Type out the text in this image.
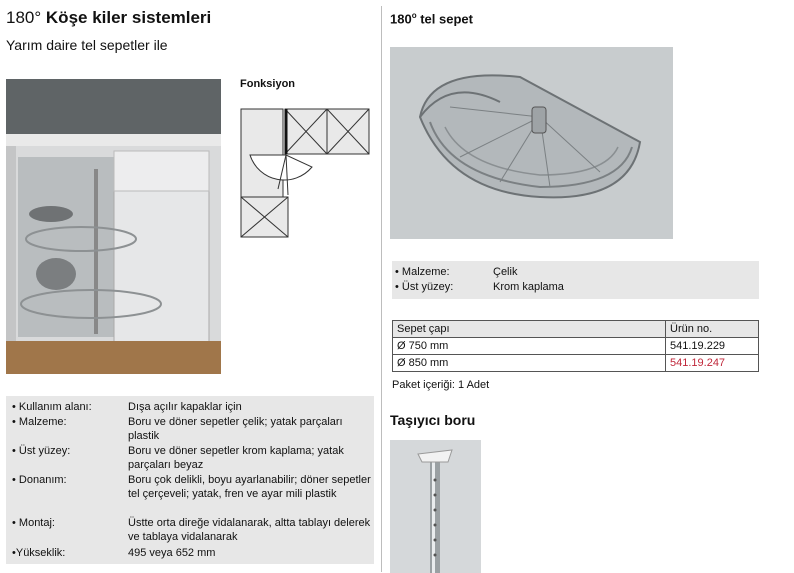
180° Köşe kiler sistemleri
Yarım daire tel sepetler ile
Fonksiyon
• Kullanım alanı:	Dışa açılır kapaklar için
• Malzeme:	Boru ve döner sepetler çelik; yatak parçaları plastik
• Üst yüzey:	Boru ve döner sepetler krom kaplama; yatak parçaları beyaz
• Donanım:	Boru çok delikli, boyu ayarlanabilir; döner sepetler tel çerçeveli; yatak, fren ve ayar mili plastik
• Montaj:	Üstte orta direğe vidalanarak, altta tablayı delerek ve tablaya vidalanarak
•Yükseklik:	495 veya 652 mm
180$^o$ tel sepet
• Malzeme:	Çelik
• Üst yüzey:	Krom kaplama
Sepet çapı	Ürün no.
Ø 750 mm	541.19.229
Ø 850 mm	541.19.247
Paket içeriği: 1 Adet
Taşıyıcı boru
